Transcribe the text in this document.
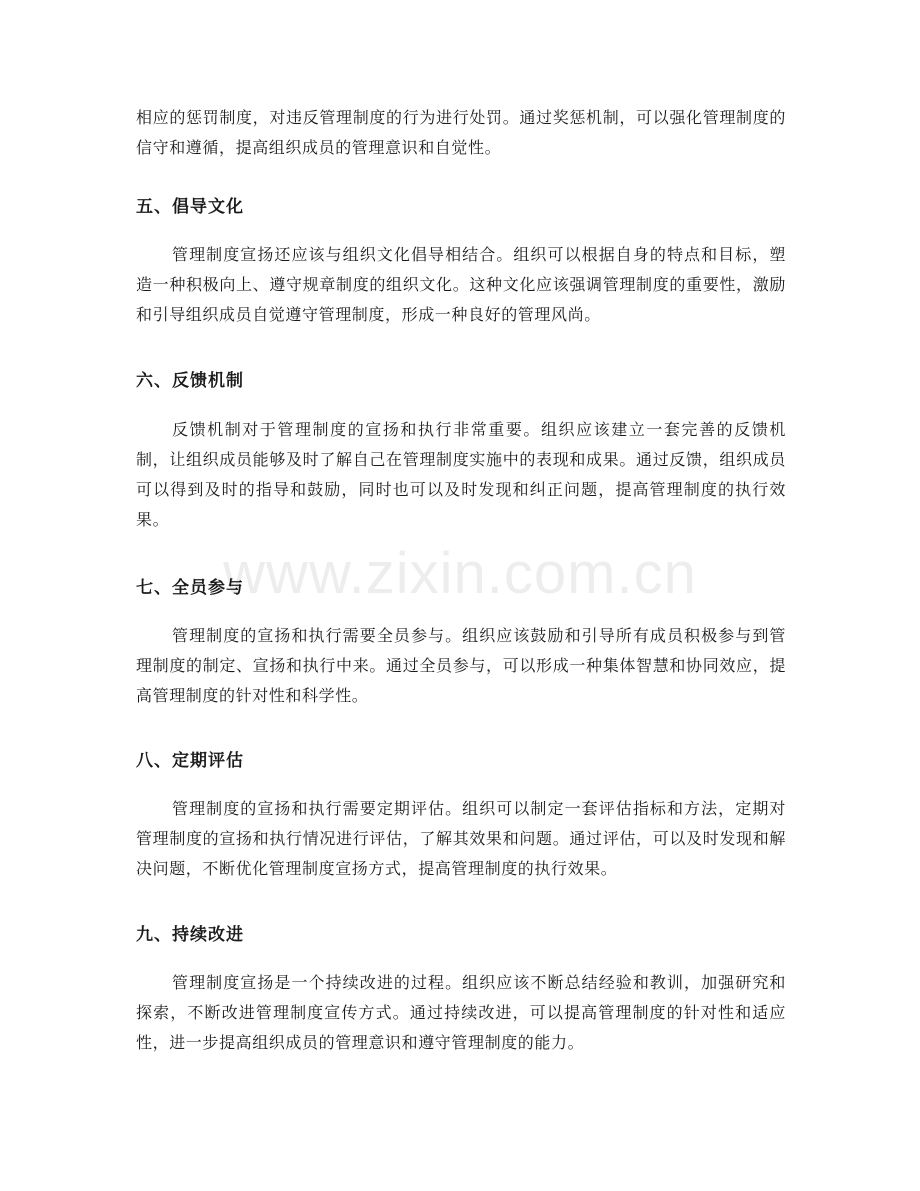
相应的惩罚制度，对违反管理制度的行为进行处罚。通过奖惩机制，可以强化管理制度的信守和遵循，提高组织成员的管理意识和自觉性。

五、倡导文化

管理制度宣扬还应该与组织文化倡导相结合。组织可以根据自身的特点和目标，塑造一种积极向上、遵守规章制度的组织文化。这种文化应该强调管理制度的重要性，激励和引导组织成员自觉遵守管理制度，形成一种良好的管理风尚。

六、反馈机制

反馈机制对于管理制度的宣扬和执行非常重要。组织应该建立一套完善的反馈机制，让组织成员能够及时了解自己在管理制度实施中的表现和成果。通过反馈，组织成员可以得到及时的指导和鼓励，同时也可以及时发现和纠正问题，提高管理制度的执行效果。

七、全员参与

管理制度的宣扬和执行需要全员参与。组织应该鼓励和引导所有成员积极参与到管理制度的制定、宣扬和执行中来。通过全员参与，可以形成一种集体智慧和协同效应，提高管理制度的针对性和科学性。

八、定期评估

管理制度的宣扬和执行需要定期评估。组织可以制定一套评估指标和方法，定期对管理制度的宣扬和执行情况进行评估，了解其效果和问题。通过评估，可以及时发现和解决问题，不断优化管理制度宣扬方式，提高管理制度的执行效果。

九、持续改进

管理制度宣扬是一个持续改进的过程。组织应该不断总结经验和教训，加强研究和探索，不断改进管理制度宣传方式。通过持续改进，可以提高管理制度的针对性和适应性，进一步提高组织成员的管理意识和遵守管理制度的能力。

www.zixin.com.cn
